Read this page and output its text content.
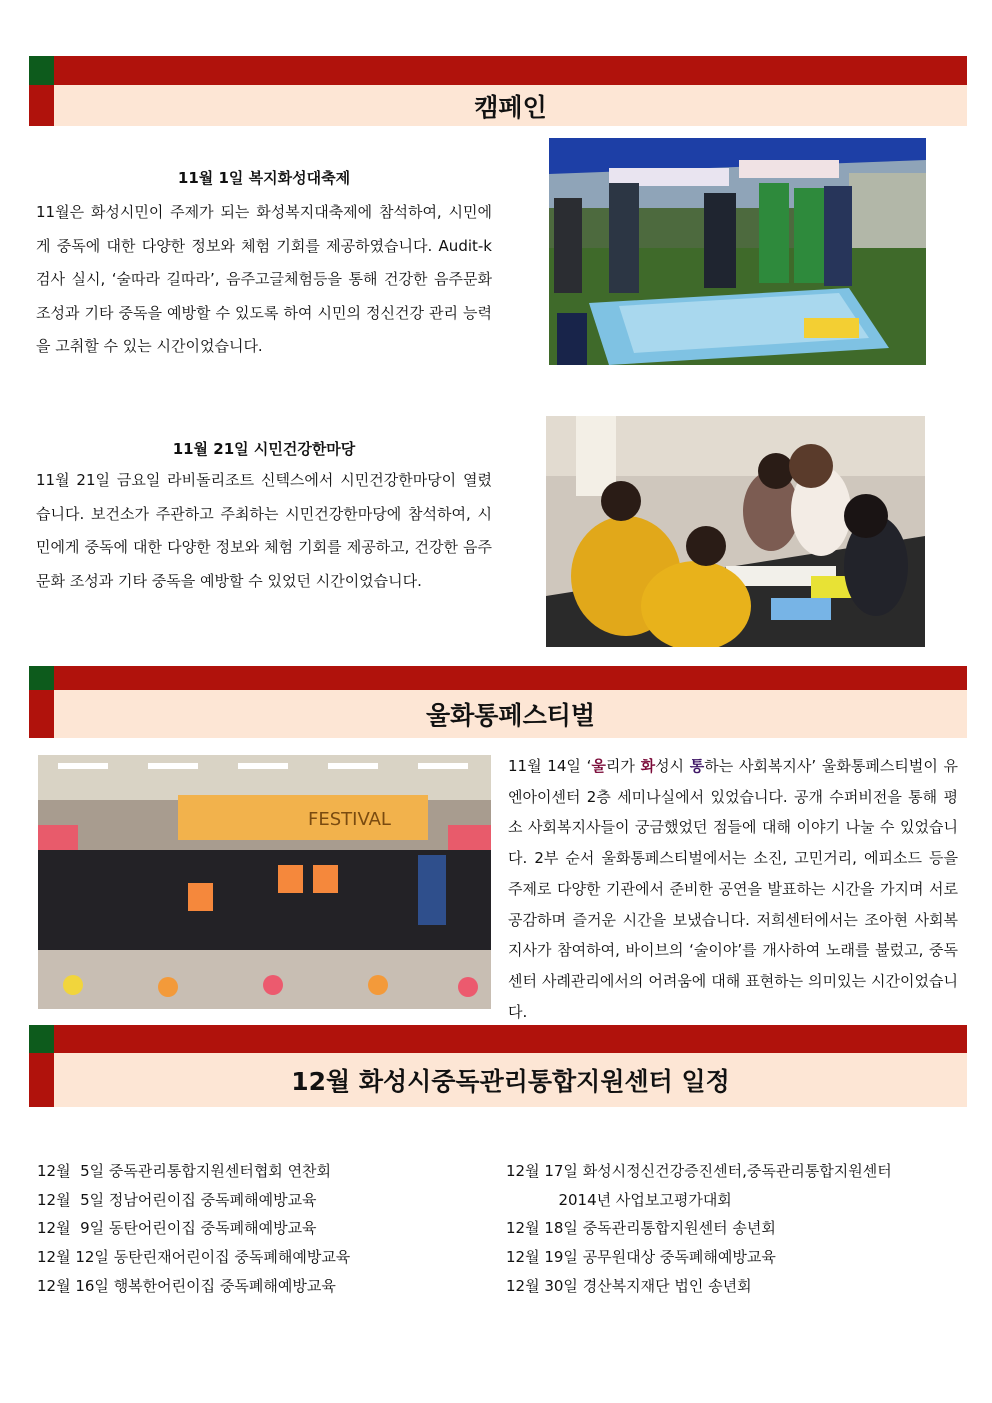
캠페인
11월 1일 복지화성대축제
11월은 화성시민이 주제가 되는 화성복지대축제에 참석하여, 시민에게 중독에 대한 다양한 정보와 체험 기회를 제공하였습니다. Audit-k검사 실시, ‘술따라 길따라’, 음주고글체험등을 통해 건강한 음주문화 조성과 기타 중독을 예방할 수 있도록 하여 시민의 정신건강 관리 능력을 고취할 수 있는 시간이었습니다.
11월 21일 시민건강한마당
11월 21일 금요일 라비돌리조트 신텍스에서 시민건강한마당이 열렸습니다. 보건소가 주관하고 주최하는 시민건강한마당에 참석하여, 시민에게 중독에 대한 다양한 정보와 체험 기회를 제공하고, 건강한 음주문화 조성과 기타 중독을 예방할 수 있었던 시간이었습니다.
울화통페스티벌
FESTIVAL
11월 14일 ‘울리가 화성시 통하는 사회복지사’ 울화통페스티벌이 유엔아이센터 2층 세미나실에서 있었습니다. 공개 수퍼비전을 통해 평소 사회복지사들이 궁금했었던 점들에 대해 이야기 나눌 수 있었습니다. 2부 순서 울화통페스티벌에서는 소진, 고민거리, 에피소드 등을 주제로 다양한 기관에서 준비한 공연을 발표하는 시간을 가지며 서로 공감하며 즐거운 시간을 보냈습니다. 저희센터에서는 조아현 사회복지사가 참여하여, 바이브의 ‘술이야’를 개사하여 노래를 불렀고, 중독센터 사례관리에서의 어려움에 대해 표현하는 의미있는 시간이었습니다.
12월 화성시중독관리통합지원센터 일정
12월  5일 중독관리통합지원센터협회 연찬회
12월  5일 정남어린이집 중독폐해예방교육
12월  9일 동탄어린이집 중독폐해예방교육
12월 12일 동탄린재어린이집 중독폐해예방교육
12월 16일 행복한어린이집 중독폐해예방교육
12월 17일 화성시정신건강증진센터,중독관리통합지원센터
2014년 사업보고평가대회
12월 18일 중독관리통합지원센터 송년회
12월 19일 공무원대상 중독폐해예방교육
12월 30일 경산복지재단 법인 송년회
